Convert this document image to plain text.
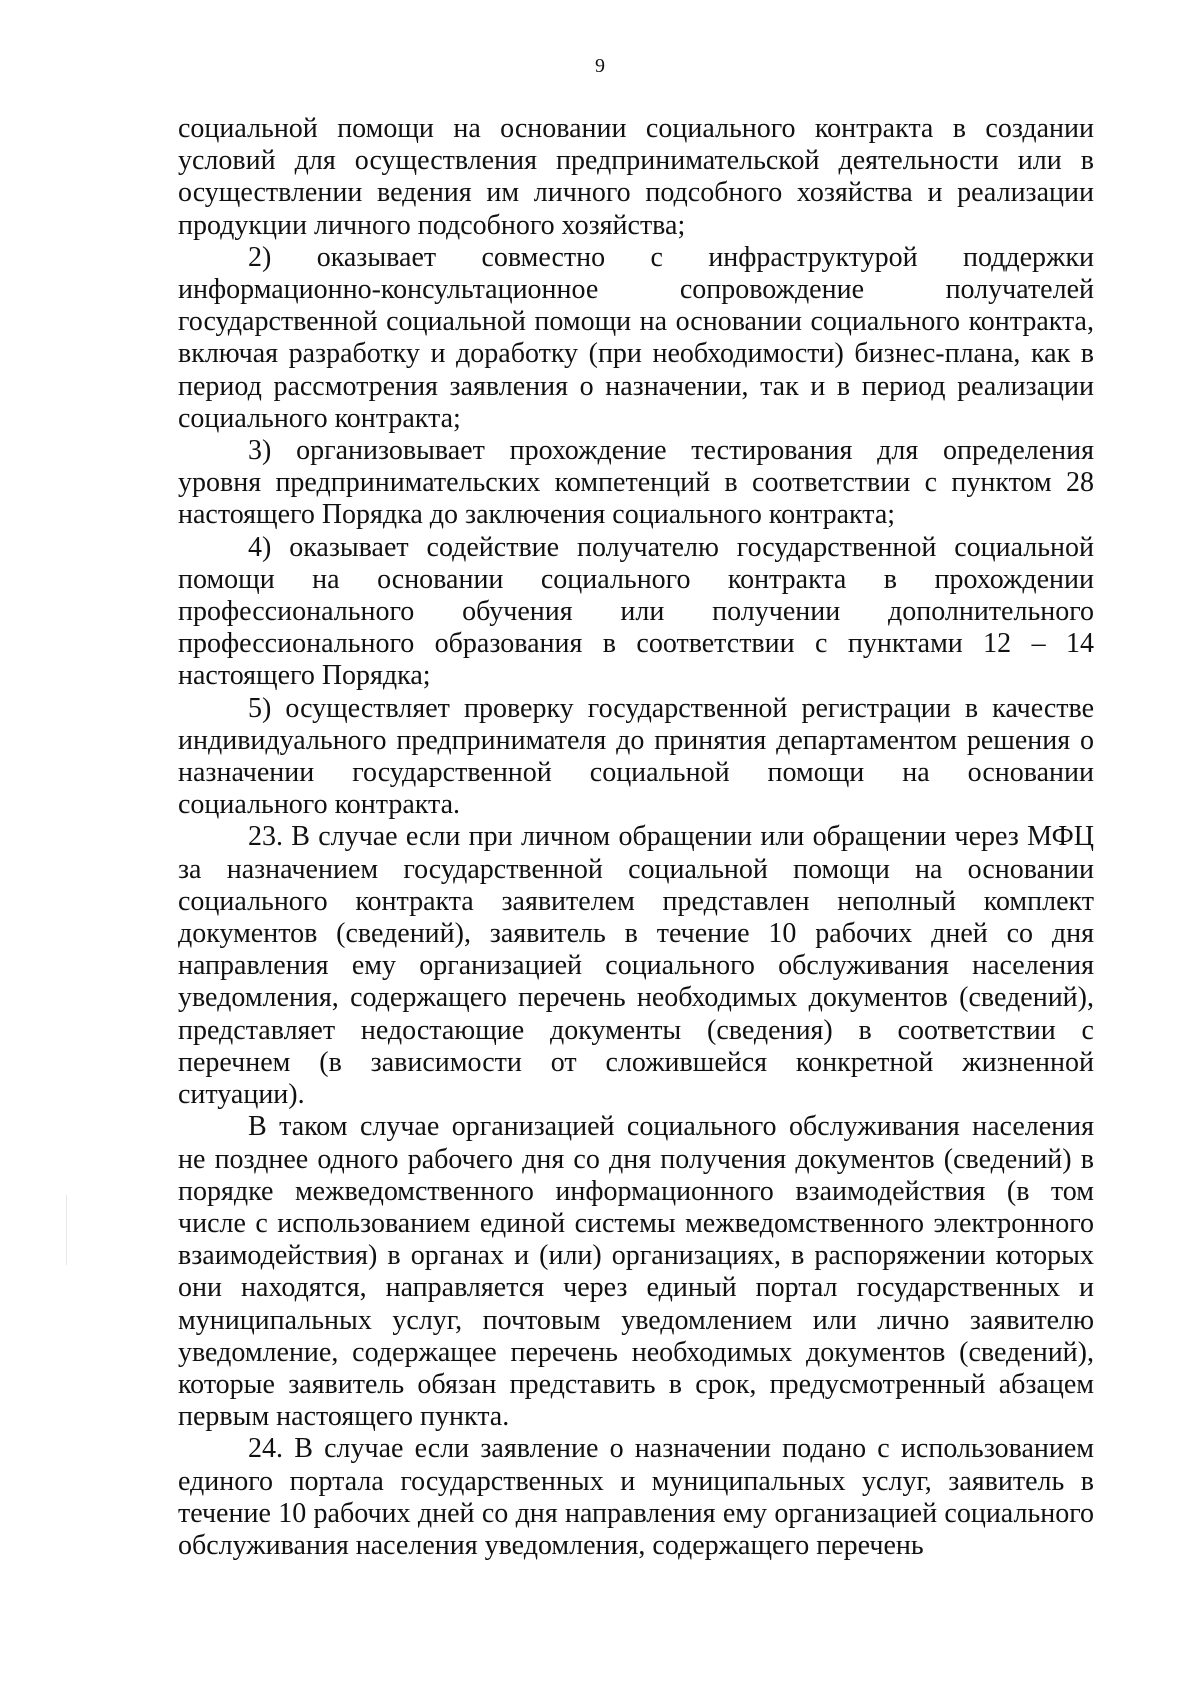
9

социальной помощи на основании социального контракта в создании условий для осуществления предпринимательской деятельности или в осуществлении ведения им личного подсобного хозяйства и реализации продукции личного подсобного хозяйства;

2) оказывает совместно с инфраструктурой поддержки информационно-консультационное сопровождение получателей государственной социальной помощи на основании социального контракта, включая разработку и доработку (при необходимости) бизнес-плана, как в период рассмотрения заявления о назначении, так и в период реализации социального контракта;

3) организовывает прохождение тестирования для определения уровня предпринимательских компетенций в соответствии с пунктом 28 настоящего Порядка до заключения социального контракта;

4) оказывает содействие получателю государственной социальной помощи на основании социального контракта в прохождении профессионального обучения или получении дополнительного профессионального образования в соответствии с пунктами 12 – 14 настоящего Порядка;

5) осуществляет проверку государственной регистрации в качестве индивидуального предпринимателя до принятия департаментом решения о назначении государственной социальной помощи на основании социального контракта.

23. В случае если при личном обращении или обращении через МФЦ за назначением государственной социальной помощи на основании социального контракта заявителем представлен неполный комплект документов (сведений), заявитель в течение 10 рабочих дней со дня направления ему организацией социального обслуживания населения уведомления, содержащего перечень необходимых документов (сведений), представляет недостающие документы (сведения) в соответствии с перечнем (в зависимости от сложившейся конкретной жизненной ситуации).

В таком случае организацией социального обслуживания населения не позднее одного рабочего дня со дня получения документов (сведений) в порядке межведомственного информационного взаимодействия (в том числе с использованием единой системы межведомственного электронного взаимодействия) в органах и (или) организациях, в распоряжении которых они находятся, направляется через единый портал государственных и муниципальных услуг, почтовым уведомлением или лично заявителю уведомление, содержащее перечень необходимых документов (сведений), которые заявитель обязан представить в срок, предусмотренный абзацем первым настоящего пункта.

24. В случае если заявление о назначении подано с использованием единого портала государственных и муниципальных услуг, заявитель в течение 10 рабочих дней со дня направления ему организацией социального обслуживания населения уведомления, содержащего перечень
